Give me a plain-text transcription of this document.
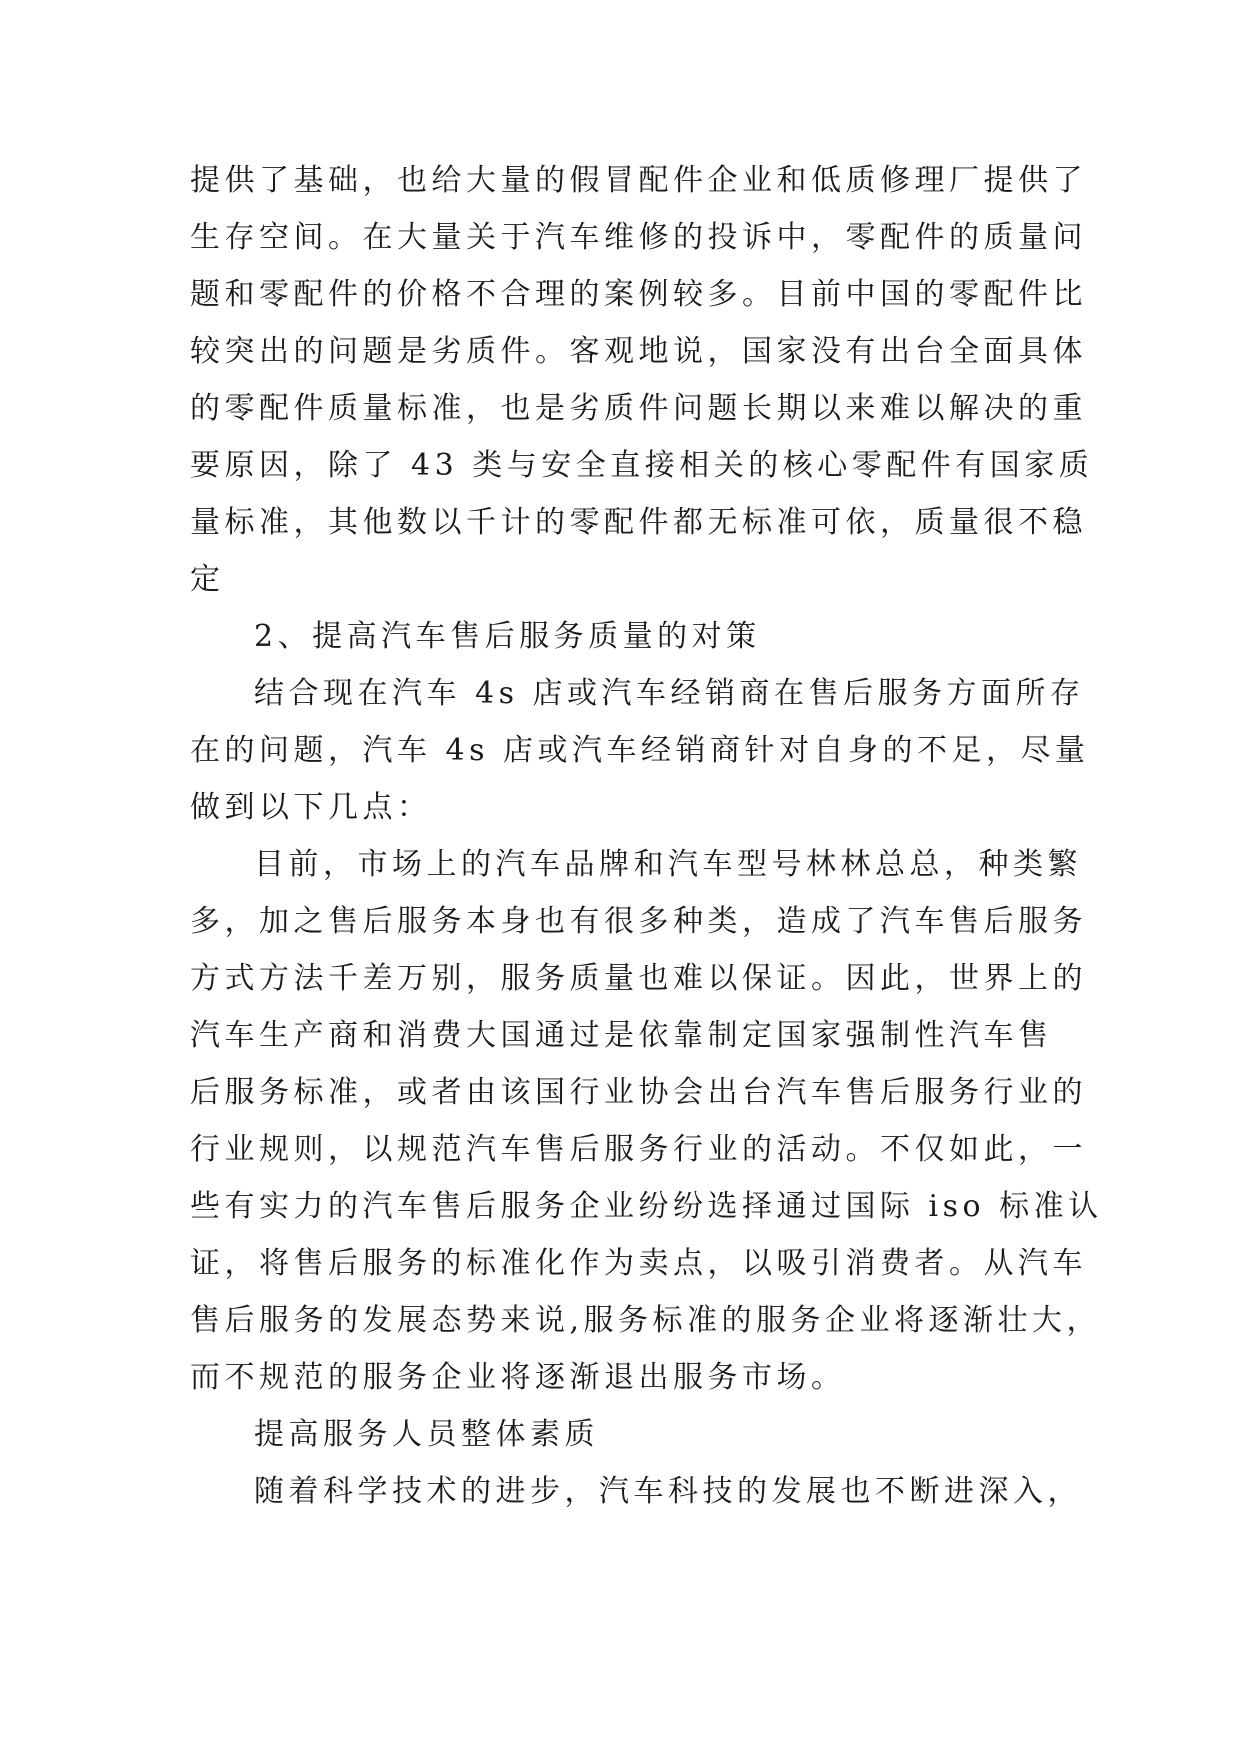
提供了基础，也给大量的假冒配件企业和低质修理厂提供了
生存空间。在大量关于汽车维修的投诉中，零配件的质量问
题和零配件的价格不合理的案例较多。目前中国的零配件比
较突出的问题是劣质件。客观地说，国家没有出台全面具体
的零配件质量标准，也是劣质件问题长期以来难以解决的重
要原因，除了 43 类与安全直接相关的核心零配件有国家质
量标准，其他数以千计的零配件都无标准可依，质量很不稳
定
2、提高汽车售后服务质量的对策
结合现在汽车 4s 店或汽车经销商在售后服务方面所存
在的问题，汽车 4s 店或汽车经销商针对自身的不足，尽量
做到以下几点：
目前，市场上的汽车品牌和汽车型号林林总总，种类繁
多，加之售后服务本身也有很多种类，造成了汽车售后服务
方式方法千差万别，服务质量也难以保证。因此，世界上的
汽车生产商和消费大国通过是依靠制定国家强制性汽车售
后服务标准，或者由该国行业协会出台汽车售后服务行业的
行业规则，以规范汽车售后服务行业的活动。不仅如此，一
些有实力的汽车售后服务企业纷纷选择通过国际 iso 标准认
证，将售后服务的标准化作为卖点，以吸引消费者。从汽车
售后服务的发展态势来说,服务标准的服务企业将逐渐壮大，
而不规范的服务企业将逐渐退出服务市场。
提高服务人员整体素质
随着科学技术的进步，汽车科技的发展也不断进深入，
